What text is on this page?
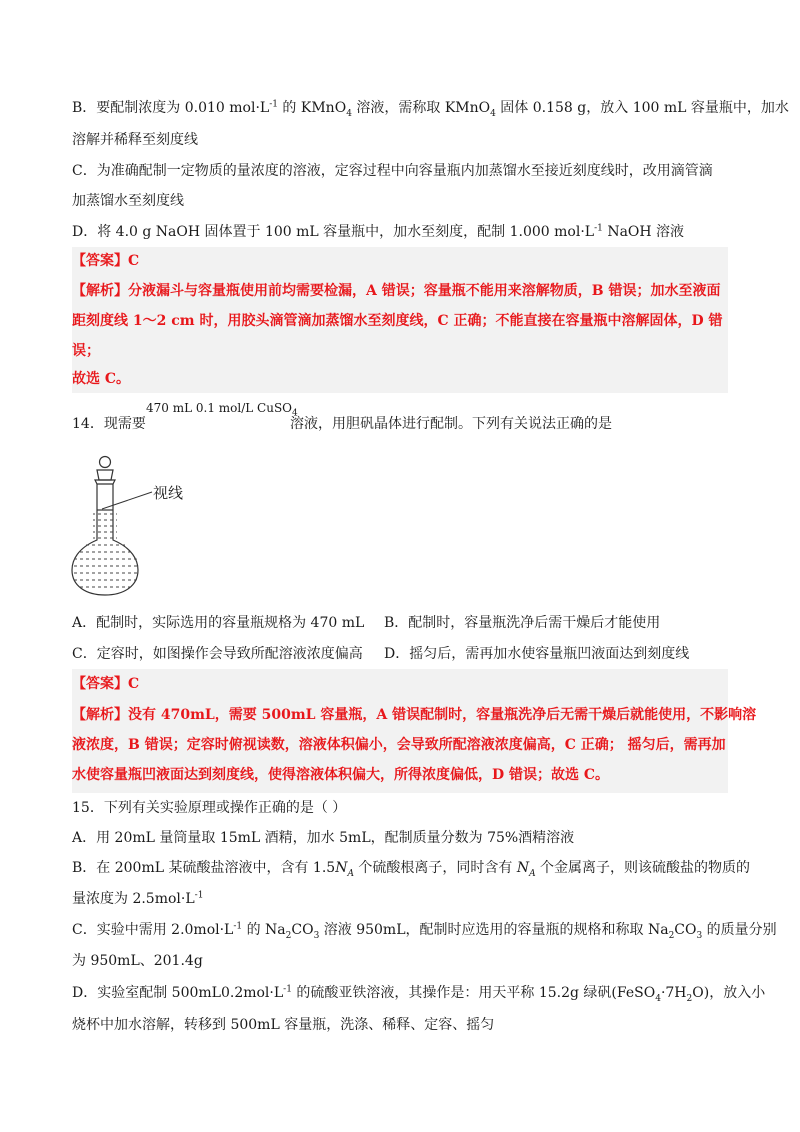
B．要配制浓度为 0.010 $mol\cdot L^{-1}$ 的 KMnO$_4$ 溶液，需称取 KMnO$_4$ 固体 0.158 g，放入 100 mL 容量瓶中，加水
溶解并稀释至刻度线
C．为准确配制一定物质的量浓度的溶液，定容过程中向容量瓶内加蒸馏水至接近刻度线时，改用滴管滴
加蒸馏水至刻度线
D．将 4.0 g NaOH 固体置于 100 mL 容量瓶中，加水至刻度，配制 1.000 $mol\cdot L^{-1}$ NaOH 溶液
【答案】C
【解析】分液漏斗与容量瓶使用前均需要检漏，A 错误；容量瓶不能用来溶解物质，B 错误；加水至液面
距刻度线 1～2 cm 时，用胶头滴管滴加蒸馏水至刻度线，C 正确；不能直接在容量瓶中溶解固体，D 错
误；
故选 C。
14．现需要
470 mL 0.1 mol/L CuSO$_4$
溶液，用胆矾晶体进行配制。下列有关说法正确的是
视线
A．配制时，实际选用的容量瓶规格为 470 mL B．配制时，容量瓶洗净后需干燥后才能使用
C．定容时，如图操作会导致所配溶液浓度偏高 D．摇匀后，需再加水使容量瓶凹液面达到刻度线
【答案】C
【解析】没有 470mL，需要 500mL 容量瓶，A 错误配制时，容量瓶洗净后无需干燥后就能使用，不影响溶
液浓度，B 错误；定容时俯视读数，溶液体积偏小，会导致所配溶液浓度偏高，C 正确； 摇匀后，需再加
水使容量瓶凹液面达到刻度线，使得溶液体积偏大，所得浓度偏低，D 错误；故选 C。
15．下列有关实验原理或操作正确的是（ ）
A．用 20mL 量筒量取 15mL 酒精，加水 5mL，配制质量分数为 75%酒精溶液
B．在 200mL 某硫酸盐溶液中，含有 $1.5N_A$ 个硫酸根离子，同时含有 $N_A$ 个金属离子，则该硫酸盐的物质的
量浓度为 $2.5mol\cdot L^{-1}$
C．实验中需用 $2.0mol\cdot L^{-1}$ 的 $Na_2CO_3$ 溶液 950mL，配制时应选用的容量瓶的规格和称取 $Na_2CO_3$ 的质量分别
为 950mL、201.4g
D．实验室配制 $500mL0.2mol\cdot L^{-1}$ 的硫酸亚铁溶液，其操作是：用天平称 15.2g 绿矾$(FeSO_4\cdot 7H_2O)$，放入小
烧杯中加水溶解，转移到 500mL 容量瓶，洗涤、稀释、定容、摇匀
